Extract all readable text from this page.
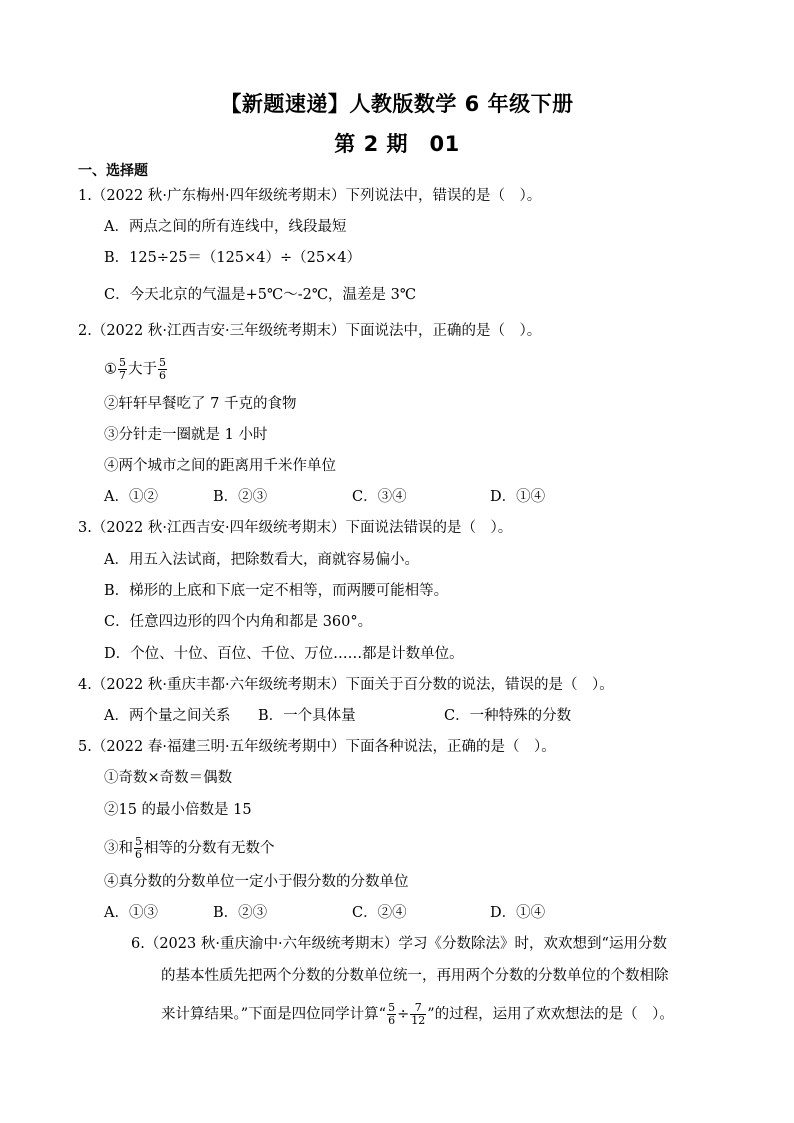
【新题速递】人教版数学 6 年级下册
第 2 期　01
一、选择题
1.（2022 秋·广东梅州·四年级统考期末）下列说法中，错误的是（　）。
A．两点之间的所有连线中，线段最短
B．125÷25＝（125×4）÷（25×4）
C．今天北京的气温是+5℃～-2℃，温差是 3℃
2.（2022 秋·江西吉安·三年级统考期末）下面说法中，正确的是（　）。
① $\frac{5}{7}$ 大于 $\frac{5}{6}$
②轩轩早餐吃了 7 千克的食物
③分针走一圈就是 1 小时
④两个城市之间的距离用千米作单位
A．①②	B．②③	C．③④	D．①④
3.（2022 秋·江西吉安·四年级统考期末）下面说法错误的是（　）。
A．用五入法试商，把除数看大，商就容易偏小。
B．梯形的上底和下底一定不相等，而两腰可能相等。
C．任意四边形的四个内角和都是 360°。
D．个位、十位、百位、千位、万位……都是计数单位。
4.（2022 秋·重庆丰都·六年级统考期末）下面关于百分数的说法，错误的是（　）。
A．两个量之间关系 B．一个具体量	C．一种特殊的分数
5.（2022 春·福建三明·五年级统考期中）下面各种说法，正确的是（　）。
①奇数×奇数＝偶数
②15 的最小倍数是 15
③和 $\frac{5}{6}$ 相等的分数有无数个
④真分数的分数单位一定小于假分数的分数单位
A．①③	B．②③	C．②④	D．①④
6.（2023 秋·重庆渝中·六年级统考期末）学习《分数除法》时，欢欢想到“运用分数
的基本性质先把两个分数的分数单位统一，再用两个分数的分数单位的个数相除
来计算结果。”下面是四位同学计算“ $\frac{5}{6} \div \frac{7}{12}$ ”的过程，运用了欢欢想法的是（　）。
